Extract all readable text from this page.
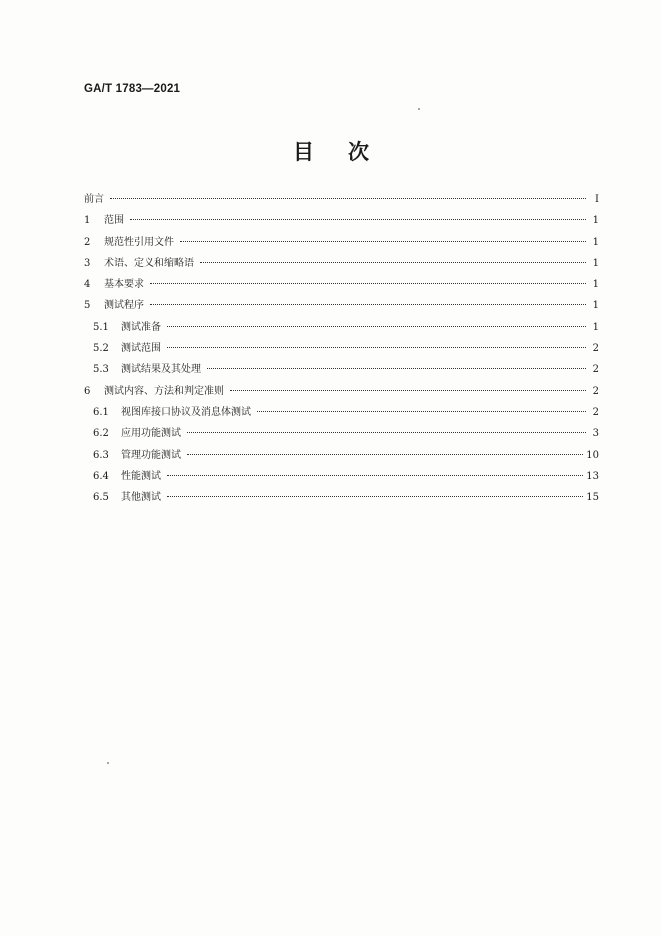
GA/T 1783—2021
目次
前言	Ⅰ
1	范围	1
2	规范性引用文件	1
3	术语、定义和缩略语	1
4	基本要求	1
5	测试程序	1
5.1	测试准备	1
5.2	测试范围	2
5.3	测试结果及其处理	2
6	测试内容、方法和判定准则	2
6.1	视图库接口协议及消息体测试	2
6.2	应用功能测试	3
6.3	管理功能测试	10
6.4	性能测试	13
6.5	其他测试	15
